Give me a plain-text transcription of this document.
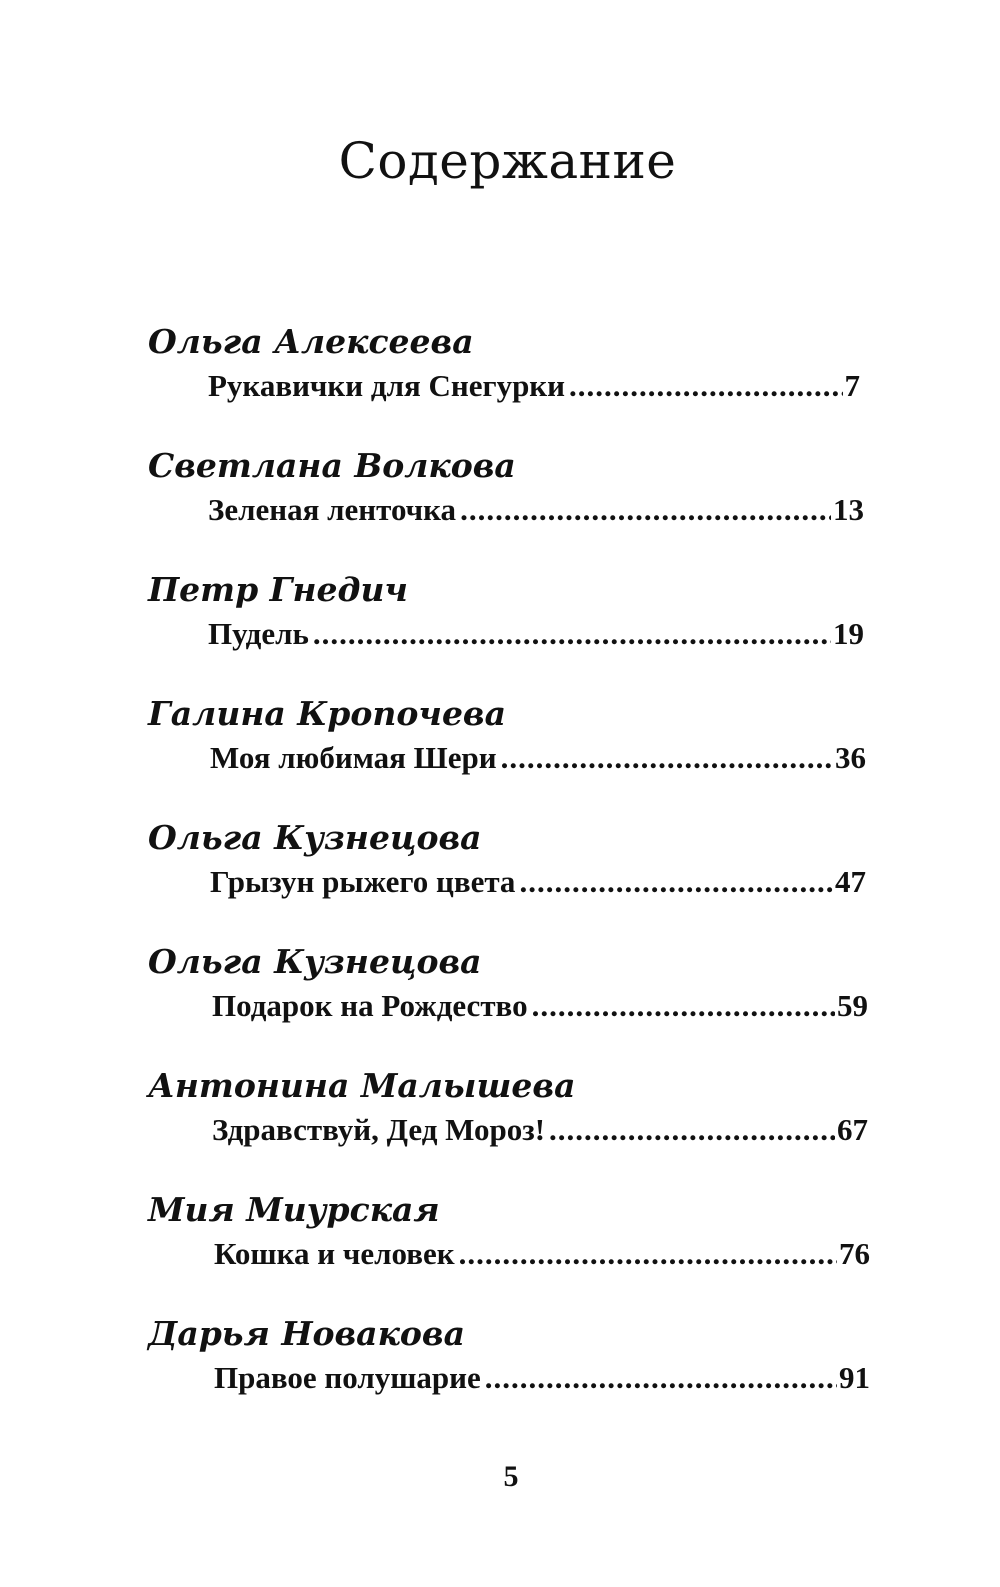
Содержание
Ольга Алексеева
Рукавички для Снегурки .....	7
Светлана Волкова
Зеленая ленточка .....	13
Петр Гнедич
Пудель .....	19
Галина Кропочева
Моя любимая Шери .....	36
Ольга Кузнецова
Грызун рыжего цвета .....	47
Ольга Кузнецова
Подарок на Рождество .....	59
Антонина Малышева
Здравствуй, Дед Мороз! .....	67
Мия Миурская
Кошка и человек .....	76
Дарья Новакова
Правое полушарие .....	91
5
